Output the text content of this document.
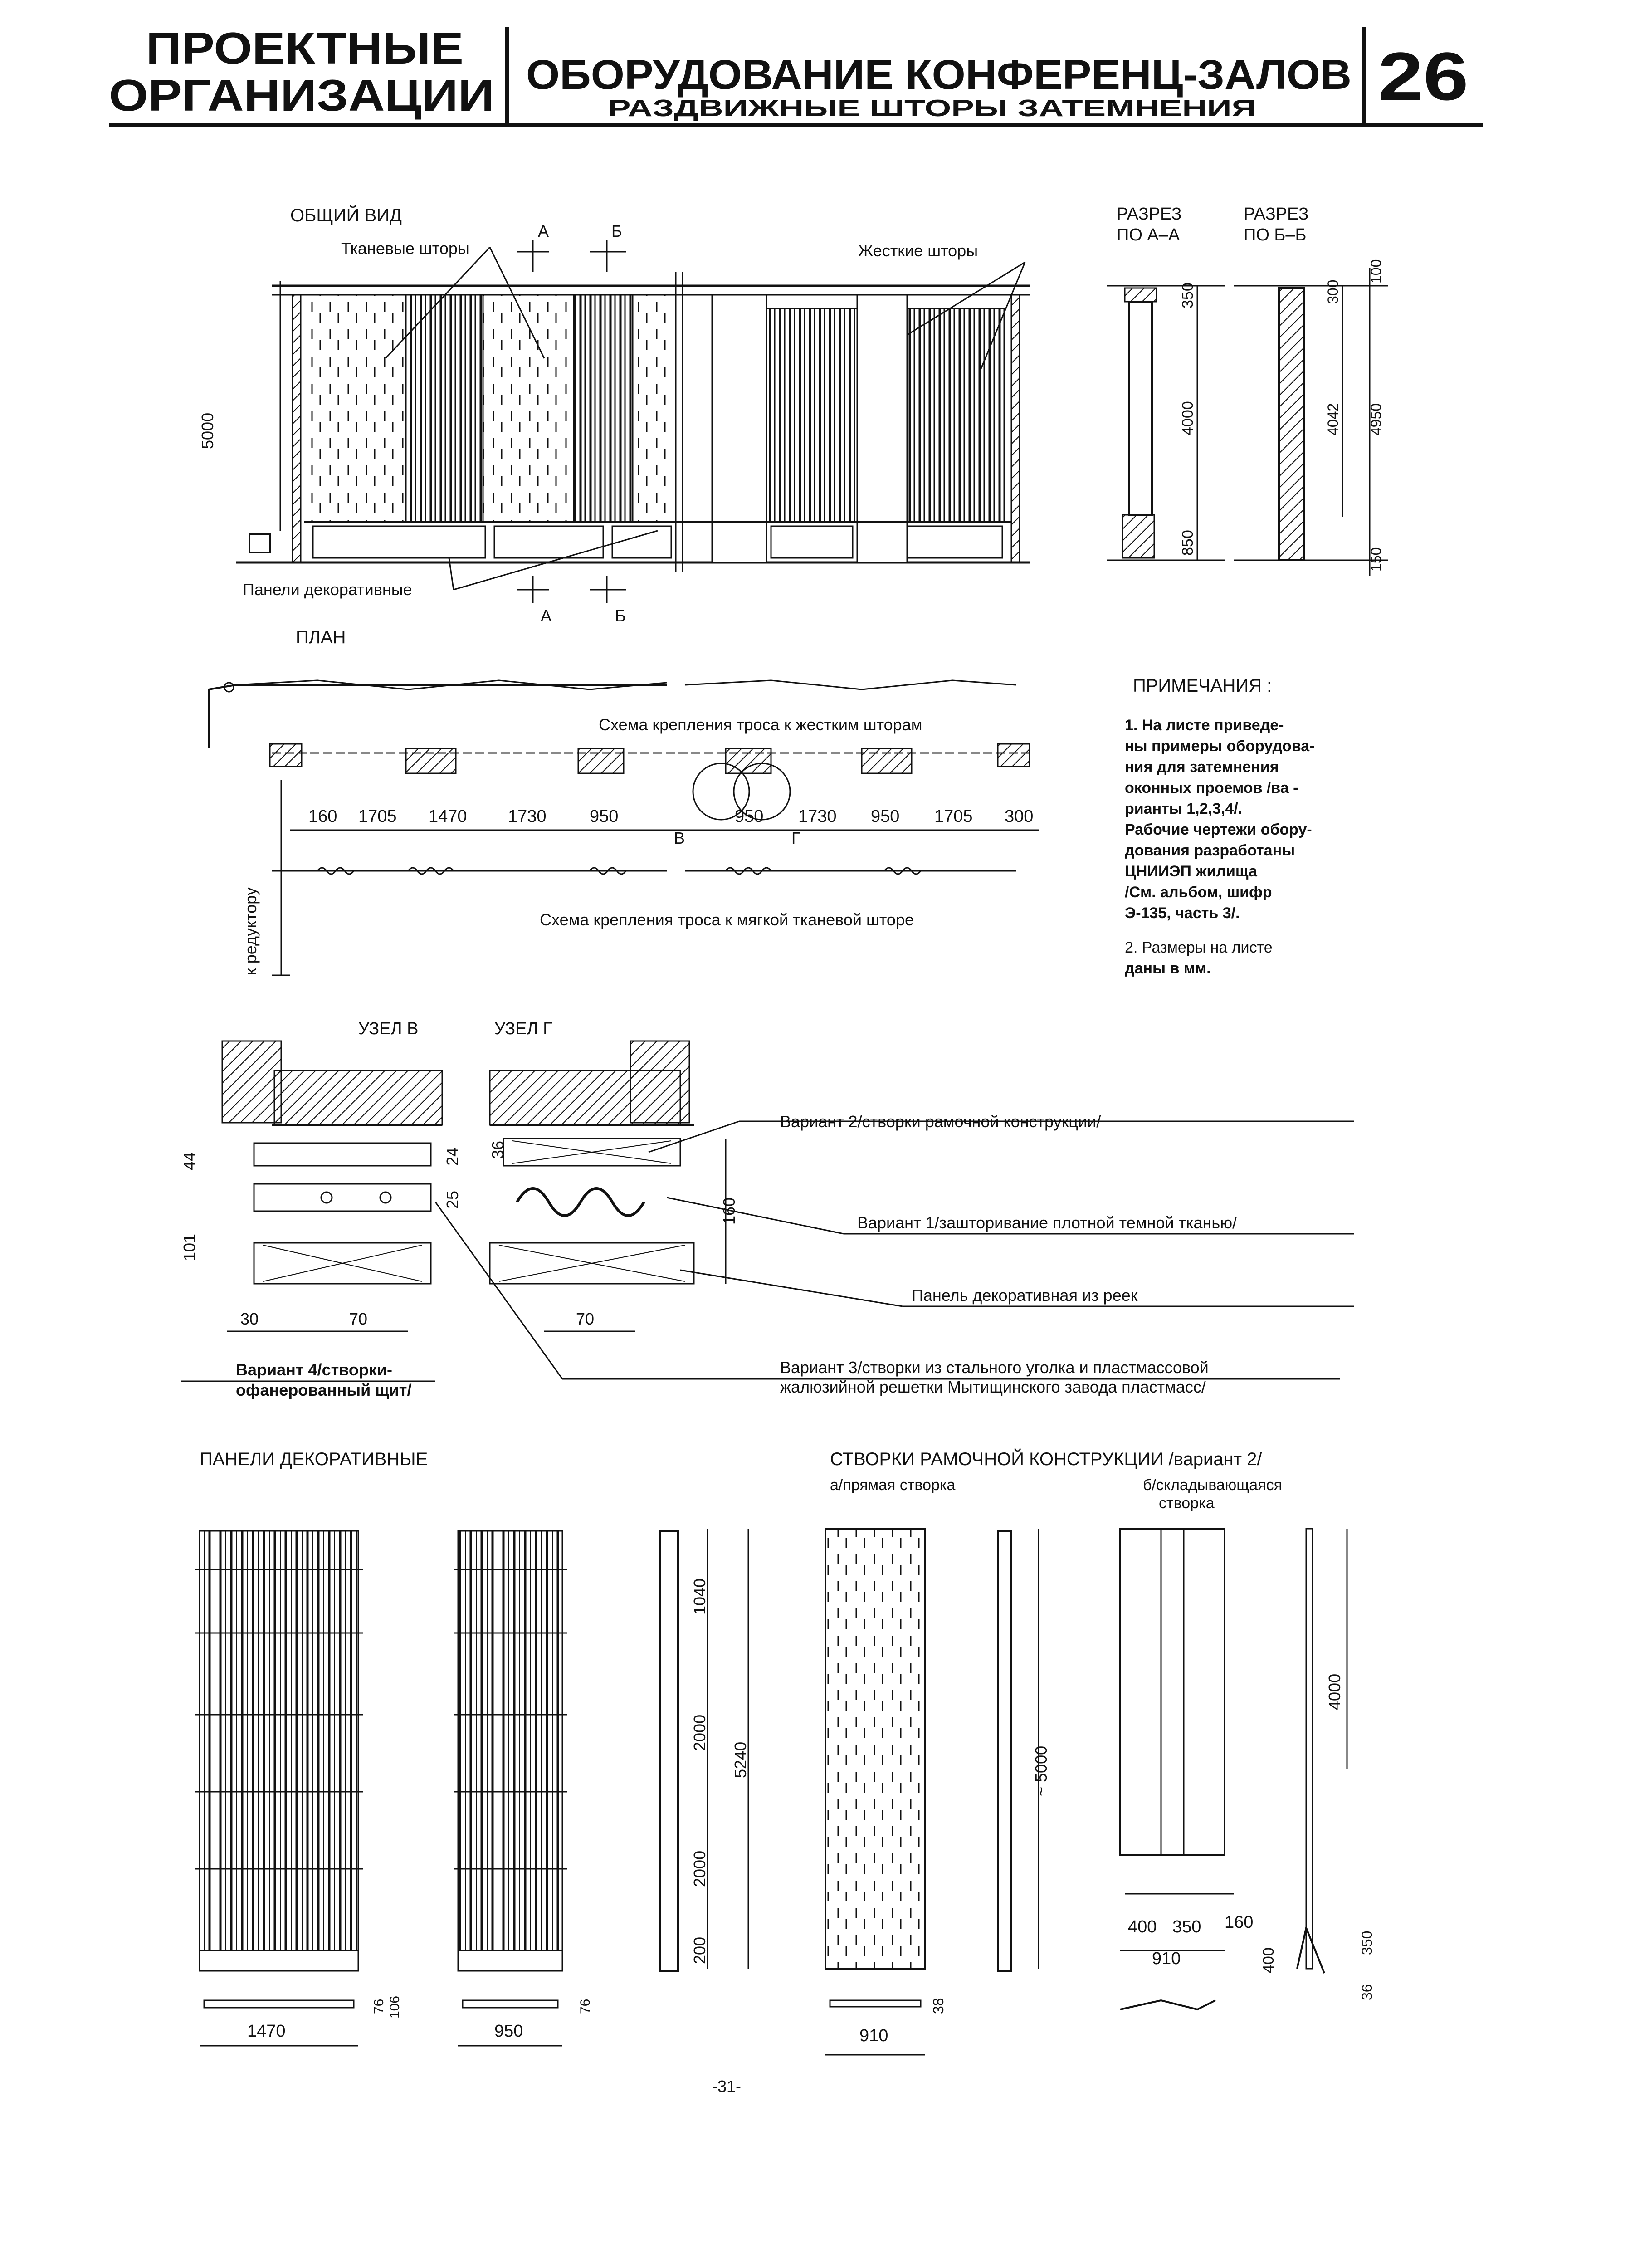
ПРОЕКТНЫЕ
ОРГАНИЗАЦИИ ОБОРУДОВАНИЕ КОНФЕРЕНЦ-ЗАЛОВ
РАЗДВИЖНЫЕ ШТОРЫ ЗАТЕМНЕНИЯ 26
ОБЩИЙ ВИД
Тканевые шторы	Жесткие шторы
А	Б
5000
Панели декоративные
А	Б
РАЗРЕЗ
ПО А–А
350
4000
850
РАЗРЕЗ
ПО Б–Б
100
300
4042 4950
150
ПЛАН
Схема крепления троса к жестким шторам
В	Г
160 1705 1470 1730	950	950 1730 950 1705 300
Схема крепления троса к мягкой тканевой шторе
к редуктору
ПРИМЕЧАНИЯ :
1. На листе приведе-
ны примеры оборудова-
ния для затемнения
оконных проемов /ва -
рианты 1,2,3,4/.
Рабочие чертежи обору-
дования разработаны
ЦНИИЭП жилища
/См. альбом, шифр
Э-135, часть 3/.
2. Размеры на листе
даны в мм.
УЗЕЛ В	УЗЕЛ Г
Вариант 2/створки рамочной конструкции/
Вариант 1/зашторивание плотной темной тканью/
Панель декоративная из реек
Вариант 3/створки из стального уголка и пластмассовой
жалюзийной решетки Мытищинского завода пластмасс/
Вариант 4/створки-
офанерованный щит/
44
101
24
25
36
160
30	70	70
ПАНЕЛИ ДЕКОРАТИВНЫЕ
1470	950
76 106	76
1040
2000
2000
200
5240
СТВОРКИ РАМОЧНОЙ КОНСТРУКЦИИ /вариант 2/
а/прямая створка	б/складывающаяся
створка
~ 5000
910
38
4000
400 350 160
910	400
36
350
-31-
